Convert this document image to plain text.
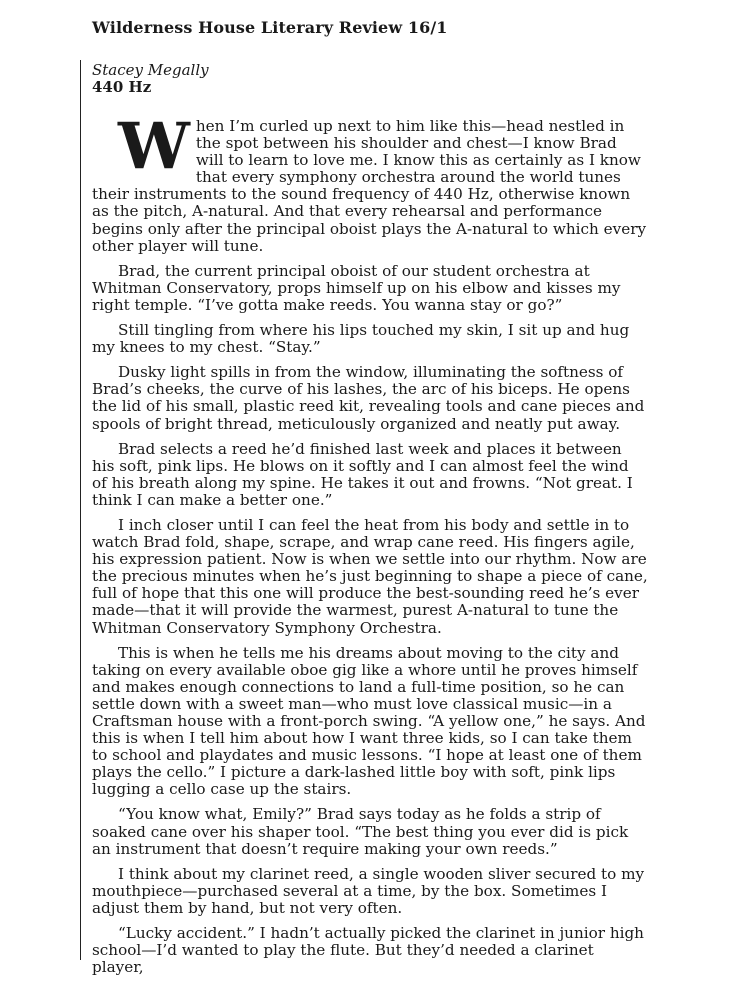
Wilderness House Literary Review 16/1
Stacey Megally
440 Hz

When I’m curled up next to him like this—head nestled in the spot between his shoulder and chest—I know Brad will to learn to love me. I know this as certainly as I know that every symphony orchestra around the world tunes their instruments to the sound frequency of 440 Hz, otherwise known as the pitch, A-natural. And that every rehearsal and performance begins only after the principal oboist plays the A-natural to which every other player will tune.

Brad, the current principal oboist of our student orchestra at Whitman Conservatory, props himself up on his elbow and kisses my right temple. “I’ve gotta make reeds. You wanna stay or go?”

Still tingling from where his lips touched my skin, I sit up and hug my knees to my chest. “Stay.”

Dusky light spills in from the window, illuminating the softness of Brad’s cheeks, the curve of his lashes, the arc of his biceps. He opens the lid of his small, plastic reed kit, revealing tools and cane pieces and spools of bright thread, meticulously organized and neatly put away.

Brad selects a reed he’d finished last week and places it between his soft, pink lips. He blows on it softly and I can almost feel the wind of his breath along my spine. He takes it out and frowns. “Not great. I think I can make a better one.”

I inch closer until I can feel the heat from his body and settle in to watch Brad fold, shape, scrape, and wrap cane reed. His fingers agile, his expression patient. Now is when we settle into our rhythm. Now are the precious minutes when he’s just beginning to shape a piece of cane, full of hope that this one will produce the best-sounding reed he’s ever made—that it will provide the warmest, purest A-natural to tune the Whitman Conservatory Symphony Orchestra.

This is when he tells me his dreams about moving to the city and taking on every available oboe gig like a whore until he proves himself and makes enough connections to land a full-time position, so he can settle down with a sweet man—who must love classical music—in a Craftsman house with a front-porch swing. “A yellow one,” he says. And this is when I tell him about how I want three kids, so I can take them to school and playdates and music lessons. “I hope at least one of them plays the cello.” I picture a dark-lashed little boy with soft, pink lips lugging a cello case up the stairs.

“You know what, Emily?” Brad says today as he folds a strip of soaked cane over his shaper tool. “The best thing you ever did is pick an instrument that doesn’t require making your own reeds.”

I think about my clarinet reed, a single wooden sliver secured to my mouthpiece—purchased several at a time, by the box. Sometimes I adjust them by hand, but not very often.

“Lucky accident.” I hadn’t actually picked the clarinet in junior high school—I’d wanted to play the flute. But they’d needed a clarinet player,
